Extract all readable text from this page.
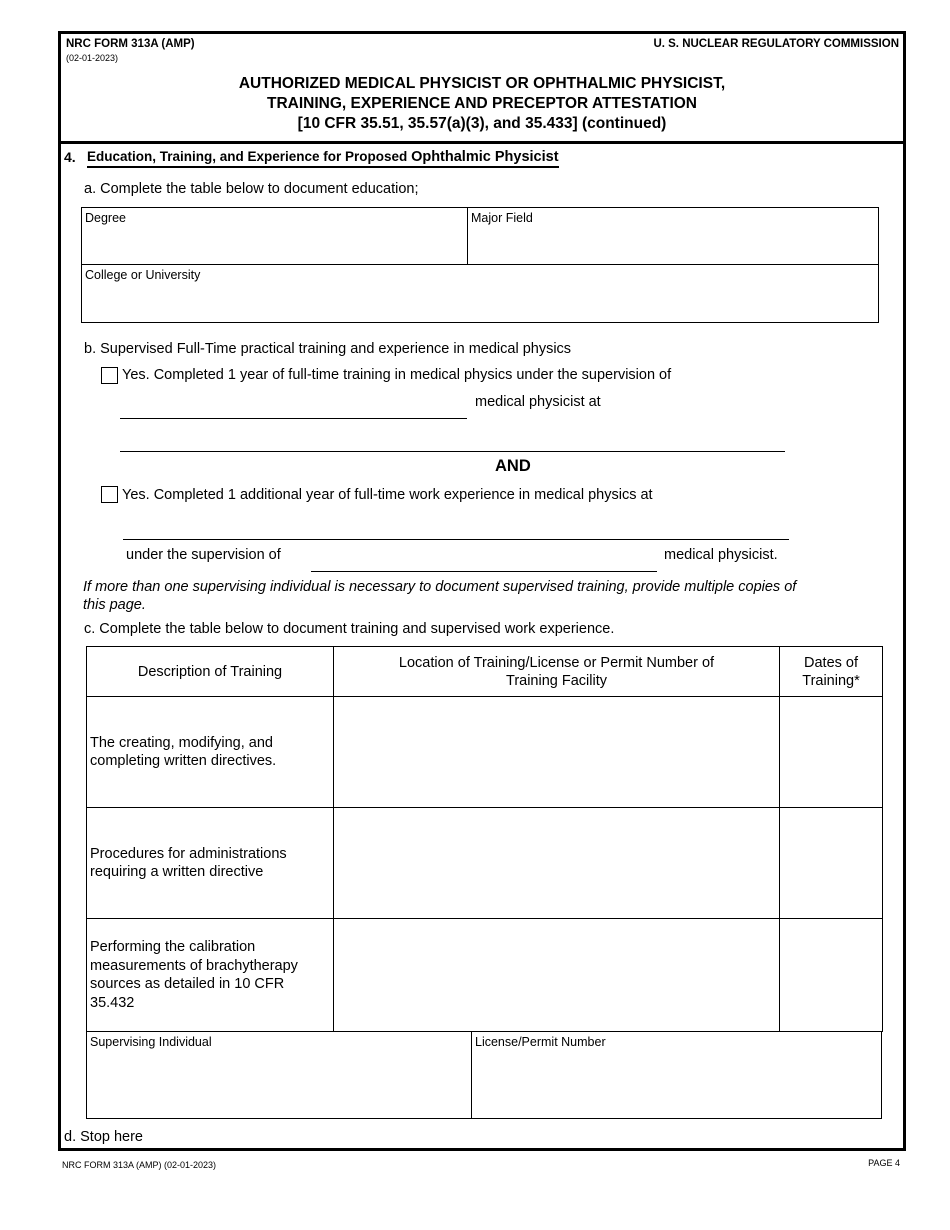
NRC FORM 313A (AMP)
(02-01-2023)
U. S. NUCLEAR REGULATORY COMMISSION
AUTHORIZED MEDICAL PHYSICIST OR OPHTHALMIC PHYSICIST,
TRAINING, EXPERIENCE AND PRECEPTOR ATTESTATION
[10 CFR 35.51, 35.57(a)(3), and 35.433] (continued)
4. Education, Training, and Experience for Proposed Ophthalmic Physicist
a. Complete the table below to document education;
Degree	Major Field
College or University
b. Supervised Full-Time practical training and experience in medical physics
Yes. Completed 1 year of full-time training in medical physics under the supervision of
medical physicist at
AND
Yes. Completed 1 additional year of full-time work experience in medical physics at
under the supervision of	medical physicist.
If more than one supervising individual is necessary to document supervised training, provide multiple copies of this page.
c. Complete the table below to document training and supervised work experience.
Description of Training	Location of Training/License or Permit Number of Training Facility	Dates of Training*
The creating, modifying, and completing written directives.		
Procedures for administrations requiring a written directive		
Performing the calibration measurements of brachytherapy sources as detailed in 10 CFR 35.432		
Supervising Individual	License/Permit Number
d. Stop here
NRC FORM 313A (AMP) (02-01-2023)	PAGE 4
